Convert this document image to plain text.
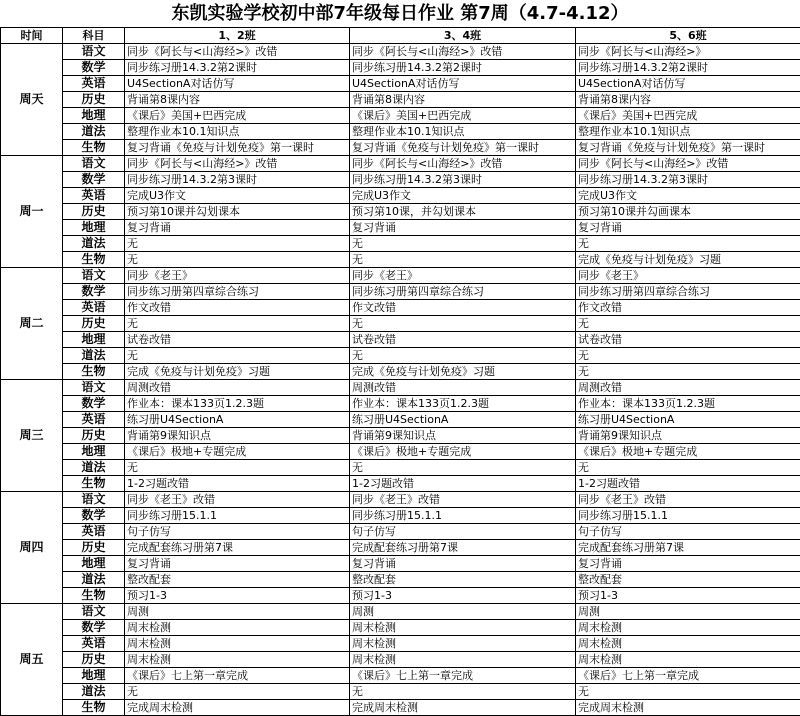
东凯实验学校初中部7年级每日作业 第7周（4.7-4.12）
时间	科目	1、2班	3、4班	5、6班
周天	语文	同步《阿长与<山海经>》改错	同步《阿长与<山海经>》改错	同步《阿长与<山海经>》
	数学	同步练习册14.3.2第2课时	同步练习册14.3.2第2课时	同步练习册14.3.2第2课时
	英语	U4SectionA对话仿写	U4SectionA对话仿写	U4SectionA对话仿写
	历史	背诵第8课内容	背诵第8课内容	背诵第8课内容
	地理	《课后》美国+巴西完成	《课后》美国+巴西完成	《课后》美国+巴西完成
	道法	整理作业本10.1知识点	整理作业本10.1知识点	整理作业本10.1知识点
	生物	复习背诵《免疫与计划免疫》第一课时	复习背诵《免疫与计划免疫》第一课时	复习背诵《免疫与计划免疫》第一课时
周一	语文	同步《阿长与<山海经>》改错	同步《阿长与<山海经>》改错	同步《阿长与<山海经>》改错
	数学	同步练习册14.3.2第3课时	同步练习册14.3.2第3课时	同步练习册14.3.2第3课时
	英语	完成U3作文	完成U3作文	完成U3作文
	历史	预习第10课并勾划课本	预习第10课，并勾划课本	预习第10课并勾画课本
	地理	复习背诵	复习背诵	复习背诵
	道法	无	无	无
	生物	无	无	完成《免疫与计划免疫》习题
周二	语文	同步《老王》	同步《老王》	同步《老王》
	数学	同步练习册第四章综合练习	同步练习册第四章综合练习	同步练习册第四章综合练习
	英语	作文改错	作文改错	作文改错
	历史	无	无	无
	地理	试卷改错	试卷改错	试卷改错
	道法	无	无	无
	生物	完成《免疫与计划免疫》习题	完成《免疫与计划免疫》习题	无
周三	语文	周测改错	周测改错	周测改错
	数学	作业本：课本133页1.2.3题	作业本：课本133页1.2.3题	作业本：课本133页1.2.3题
	英语	练习册U4SectionA	练习册U4SectionA	练习册U4SectionA
	历史	背诵第9课知识点	背诵第9课知识点	背诵第9课知识点
	地理	《课后》极地+专题完成	《课后》极地+专题完成	《课后》极地+专题完成
	道法	无	无	无
	生物	1-2习题改错	1-2习题改错	1-2习题改错
周四	语文	同步《老王》改错	同步《老王》改错	同步《老王》改错
	数学	同步练习册15.1.1	同步练习册15.1.1	同步练习册15.1.1
	英语	句子仿写	句子仿写	句子仿写
	历史	完成配套练习册第7课	完成配套练习册第7课	完成配套练习册第7课
	地理	复习背诵	复习背诵	复习背诵
	道法	整改配套	整改配套	整改配套
	生物	预习1-3	预习1-3	预习1-3
周五	语文	周测	周测	周测
	数学	周末检测	周末检测	周末检测
	英语	周末检测	周末检测	周末检测
	历史	周末检测	周末检测	周末检测
	地理	《课后》七上第一章完成	《课后》七上第一章完成	《课后》七上第一章完成
	道法	无	无	无
	生物	完成周末检测	完成周末检测	完成周末检测
